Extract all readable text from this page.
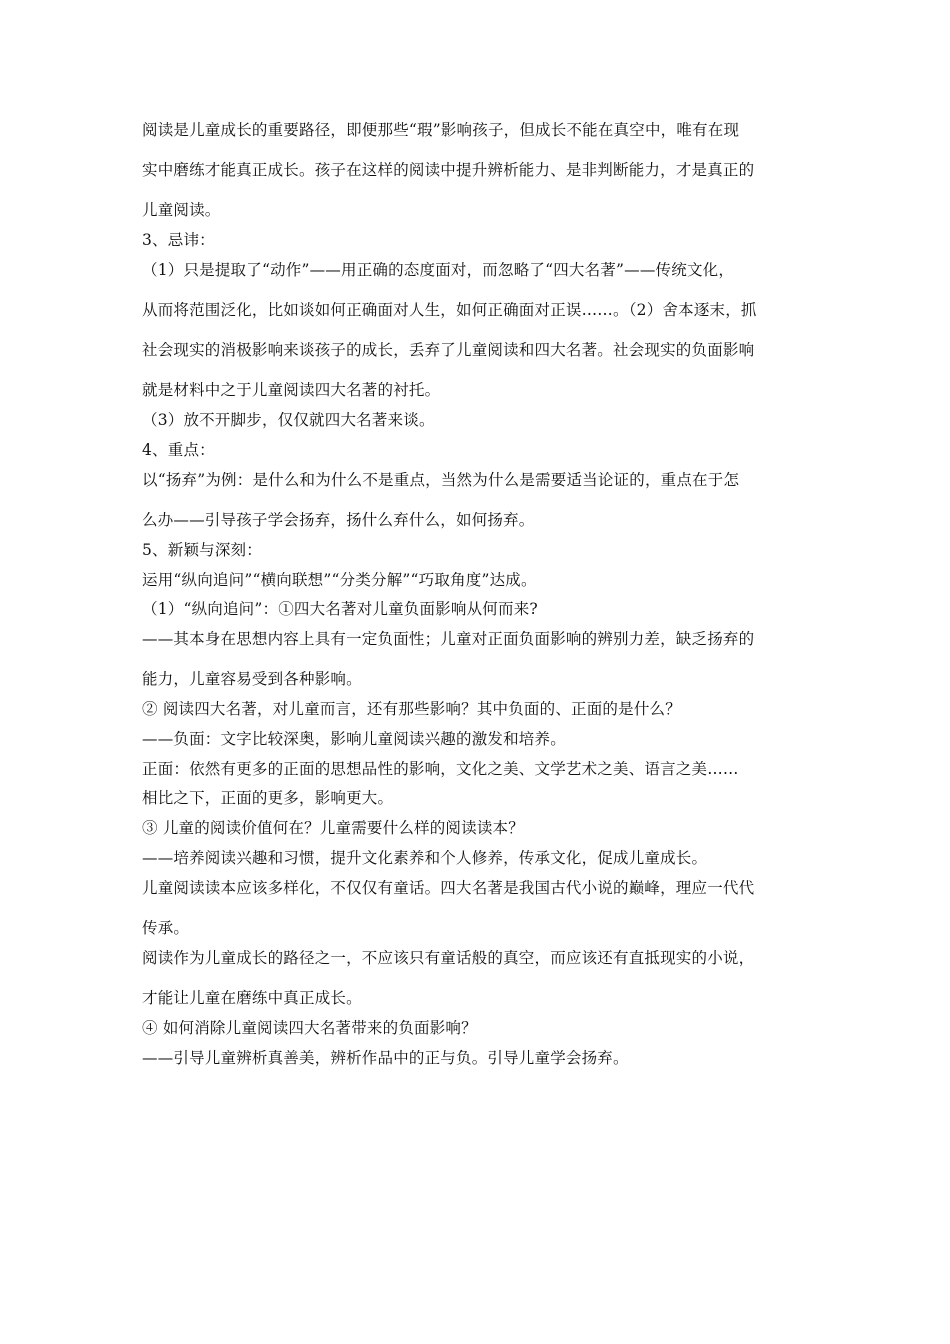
阅读是儿童成长的重要路径，即便那些“瑕”影响孩子，但成长不能在真空中，唯有在现

实中磨练才能真正成长。孩子在这样的阅读中提升辨析能力、是非判断能力，才是真正的

儿童阅读。

3、忌讳：

（1）只是提取了“动作”——用正确的态度面对，而忽略了“四大名著”——传统文化，

从而将范围泛化，比如谈如何正确面对人生，如何正确面对正误……。（2）舍本逐末，抓

社会现实的消极影响来谈孩子的成长，丢弃了儿童阅读和四大名著。社会现实的负面影响

就是材料中之于儿童阅读四大名著的衬托。

（3）放不开脚步，仅仅就四大名著来谈。

4、重点：

以“扬弃”为例：是什么和为什么不是重点，当然为什么是需要适当论证的，重点在于怎

么办——引导孩子学会扬弃，扬什么弃什么，如何扬弃。

5、新颖与深刻：

运用“纵向追问”“横向联想”“分类分解”“巧取角度”达成。

（1）“纵向追问”：①四大名著对儿童负面影响从何而来?

——其本身在思想内容上具有一定负面性；儿童对正面负面影响的辨别力差，缺乏扬弃的

能力，儿童容易受到各种影响。

② 阅读四大名著，对儿童而言，还有那些影响？其中负面的、正面的是什么？

——负面：文字比较深奥，影响儿童阅读兴趣的激发和培养。

正面：依然有更多的正面的思想品性的影响，文化之美、文学艺术之美、语言之美……

相比之下，正面的更多，影响更大。

③ 儿童的阅读价值何在？儿童需要什么样的阅读读本？

——培养阅读兴趣和习惯，提升文化素养和个人修养，传承文化，促成儿童成长。

儿童阅读读本应该多样化，不仅仅有童话。四大名著是我国古代小说的巅峰，理应一代代

传承。

阅读作为儿童成长的路径之一，不应该只有童话般的真空，而应该还有直抵现实的小说，

才能让儿童在磨练中真正成长。

④ 如何消除儿童阅读四大名著带来的负面影响？

——引导儿童辨析真善美，辨析作品中的正与负。引导儿童学会扬弃。
